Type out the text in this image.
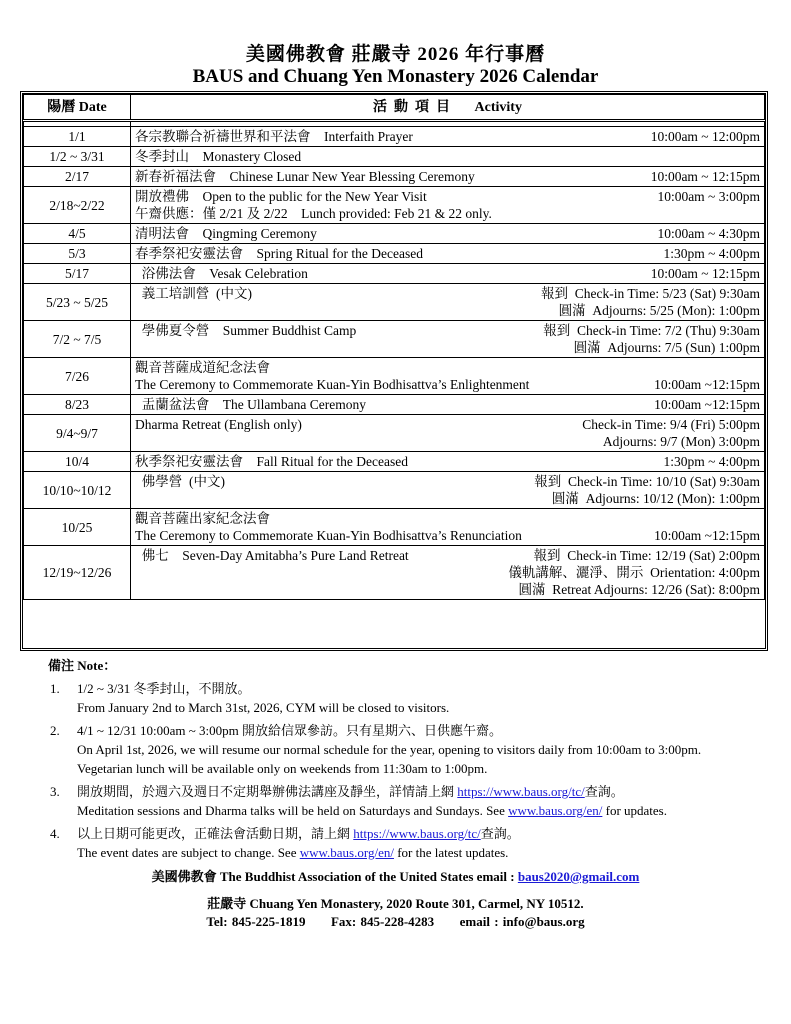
美國佛教會 莊嚴寺 2026 年行事曆
BAUS and Chuang Yen Monastery 2026 Calendar
陽曆 Date	活  動  項  目       Activity

1/1	各宗教聯合祈禱世界和平法會    Interfaith Prayer 10:00am ~ 12:00pm

1/2 ~ 3/31	冬季封山    Monastery Closed

2/17	新春祈福法會    Chinese Lunar New Year Blessing Ceremony 10:00am ~ 12:15pm

2/18~2/22	開放禮佛    Open to the public for the New Year Visit 10:00am ~ 3:00pm
午齋供應：僅 2/21 及 2/22    Lunch provided: Feb 21 & 22 only.

4/5	清明法會    Qingming Ceremony 10:00am ~ 4:30pm

5/3	春季祭祀安靈法會    Spring Ritual for the Deceased 1:30pm ~ 4:00pm

5/17	浴佛法會    Vesak Celebration 10:00am ~ 12:15pm

5/23 ~ 5/25	義工培訓營  (中文) 報到  Check-in Time: 5/23 (Sat) 9:30am
圓滿  Adjourns: 5/25 (Mon): 1:00pm

7/2 ~ 7/5	學佛夏令營    Summer Buddhist Camp 報到  Check-in Time: 7/2 (Thu) 9:30am
圓滿  Adjourns: 7/5 (Sun) 1:00pm

7/26	觀音菩薩成道紀念法會
The Ceremony to Commemorate Kuan-Yin Bodhisattva’s Enlightenment 10:00am ~12:15pm

8/23	盂蘭盆法會    The Ullambana Ceremony 10:00am ~12:15pm

9/4~9/7	Dharma Retreat (English only) Check-in Time: 9/4 (Fri) 5:00pm
Adjourns: 9/7 (Mon) 3:00pm

10/4	秋季祭祀安靈法會    Fall Ritual for the Deceased 1:30pm ~ 4:00pm

10/10~10/12	佛學營  (中文) 報到  Check-in Time: 10/10 (Sat) 9:30am
圓滿  Adjourns: 10/12 (Mon): 1:00pm

10/25	觀音菩薩出家紀念法會
The Ceremony to Commemorate Kuan-Yin Bodhisattva’s Renunciation 10:00am ~12:15pm

12/19~12/26	佛七    Seven-Day Amitabha’s Pure Land Retreat 報到  Check-in Time: 12/19 (Sat) 2:00pm
儀軌講解、灑淨、開示  Orientation: 4:00pm
圓滿  Retreat Adjourns: 12/26 (Sat): 8:00pm
備注 Note：
1.	1/2 ~ 3/31 冬季封山，不開放。
From January 2nd to March 31st, 2026, CYM will be closed to visitors.
2.	4/1 ~ 12/31 10:00am ~ 3:00pm 開放給信眾參訪。只有星期六、日供應午齋。
On April 1st, 2026, we will resume our normal schedule for the year, opening to visitors daily from 10:00am to 3:00pm.
Vegetarian lunch will be available only on weekends from 11:30am to 1:00pm.
3.	開放期間，於週六及週日不定期舉辦佛法講座及靜坐，詳情請上網 https://www.baus.org/tc/查詢。
Meditation sessions and Dharma talks will be held on Saturdays and Sundays. See www.baus.org/en/ for updates.
4.	以上日期可能更改，正確法會活動日期，請上網 https://www.baus.org/tc/查詢。
The event dates are subject to change. See www.baus.org/en/ for the latest updates.
美國佛教會 The Buddhist Association of the United States email : baus2020@gmail.com
莊嚴寺 Chuang Yen Monastery, 2020 Route 301, Carmel, NY 10512.
Tel: 845-225-1819      Fax: 845-228-4283      email : info@baus.org
